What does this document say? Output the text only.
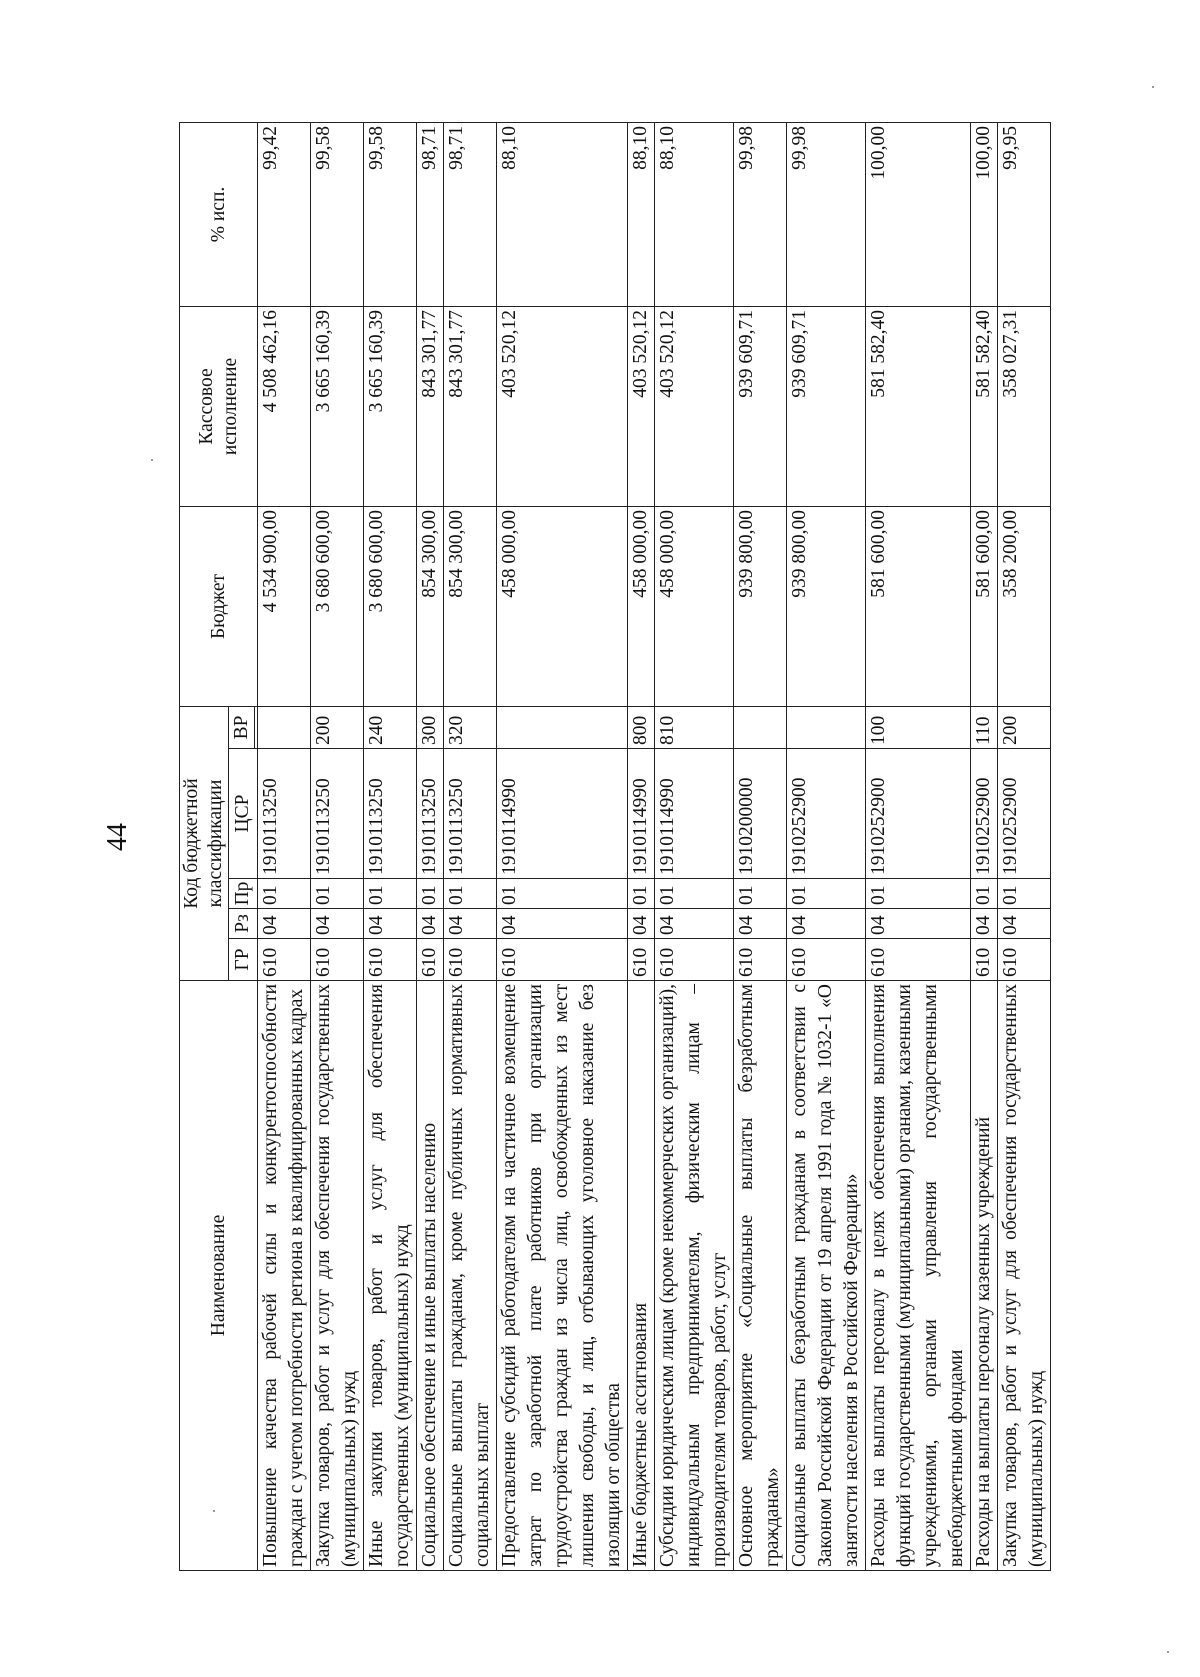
44
Наименование	Код бюджетной классификации					Бюджет	Кассовое исполнение	% исп.
	ГР	Рз	Пр	ЦСР	ВР			

Повышение качества рабочей силы и конкурентоспособности граждан с учетом потребности региона в квалифицированных кадрах	610	04	01	1910113250		4 534 900,00	4 508 462,16	99,42
Закупка товаров, работ и услуг для обеспечения государственных (муниципальных) нужд	610	04	01	1910113250	200	3 680 600,00	3 665 160,39	99,58
Иные закупки товаров, работ и услуг для обеспечения государственных (муниципальных) нужд	610	04	01	1910113250	240	3 680 600,00	3 665 160,39	99,58
Социальное обеспечение и иные выплаты населению	610	04	01	1910113250	300	854 300,00	843 301,77	98,71
Социальные выплаты гражданам, кроме публичных нормативных социальных выплат	610	04	01	1910113250	320	854 300,00	843 301,77	98,71
Предоставление субсидий работодателям на частичное возмещение затрат по заработной плате работников при организации трудоустройства граждан из числа лиц, освобожденных из мест лишения свободы, и лиц, отбывающих уголовное наказание без изоляции от общества	610	04	01	1910114990		458 000,00	403 520,12	88,10
Иные бюджетные ассигнования	610	04	01	1910114990	800	458 000,00	403 520,12	88,10
Субсидии юридическим лицам (кроме некоммерческих организаций), индивидуальным предпринимателям, физическим лицам – производителям товаров, работ, услуг	610	04	01	1910114990	810	458 000,00	403 520,12	88,10
Основное мероприятие «Социальные выплаты безработным гражданам»	610	04	01	1910200000		939 800,00	939 609,71	99,98
Социальные выплаты безработным гражданам в соответствии с Законом Российской Федерации от 19 апреля 1991 года № 1032-1 «О занятости населения в Российской Федерации»	610	04	01	1910252900		939 800,00	939 609,71	99,98
Расходы на выплаты персоналу в целях обеспечения выполнения функций государственными (муниципальными) органами, казенными учреждениями, органами управления государственными внебюджетными фондами	610	04	01	1910252900	100	581 600,00	581 582,40	100,00
Расходы на выплаты персоналу казенных учреждений	610	04	01	1910252900	110	581 600,00	581 582,40	100,00
Закупка товаров, работ и услуг для обеспечения государственных (муниципальных) нужд	610	04	01	1910252900	200	358 200,00	358 027,31	99,95
